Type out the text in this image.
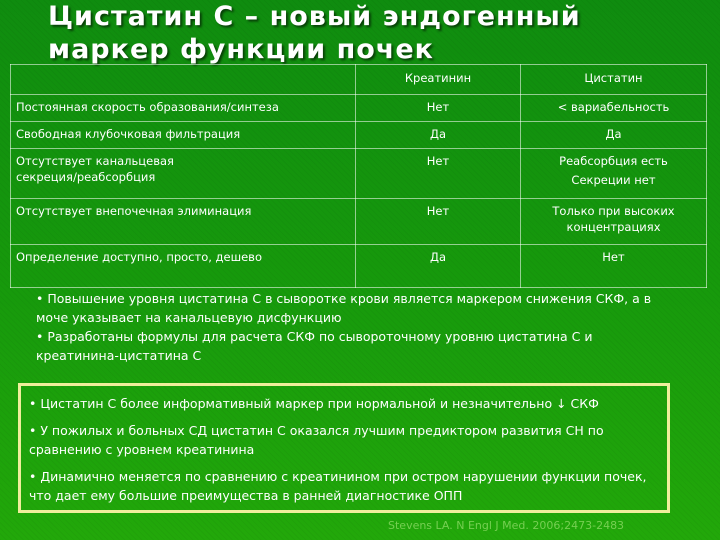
Цистатин С – новый эндогенный
маркер функции почек
	Креатинин	Цистатин
Постоянная скорость образования/синтеза	Нет	< вариабельность
Свободная клубочковая фильтрация	Да	Да

Отсутствует канальцевая
секреция/реабсорбция	Нет	Реабсорбция есть
Секреции нет

Отсутствует внепочечная элиминация	Нет	Только при высоких
концентрациях

Определение доступно, просто, дешево	Да	Нет

• Повышение уровня цистатина С в сыворотке крови является маркером снижения СКФ, а в моче указывает на канальцевую дисфункцию

• Разработаны формулы для расчета СКФ по сывороточному уровню цистатина С и креатинина-цистатина С

• Цистатин С более информативный маркер при нормальной и незначительно ↓ СКФ

• У пожилых и больных СД цистатин С оказался лучшим предиктором развития СН по сравнению с уровнем креатинина

• Динамично меняется по сравнению с креатинином при остром нарушении функции почек, что дает ему большие преимущества в ранней диагностике ОПП

Stevens LA. N Engl J Med. 2006;2473-2483
